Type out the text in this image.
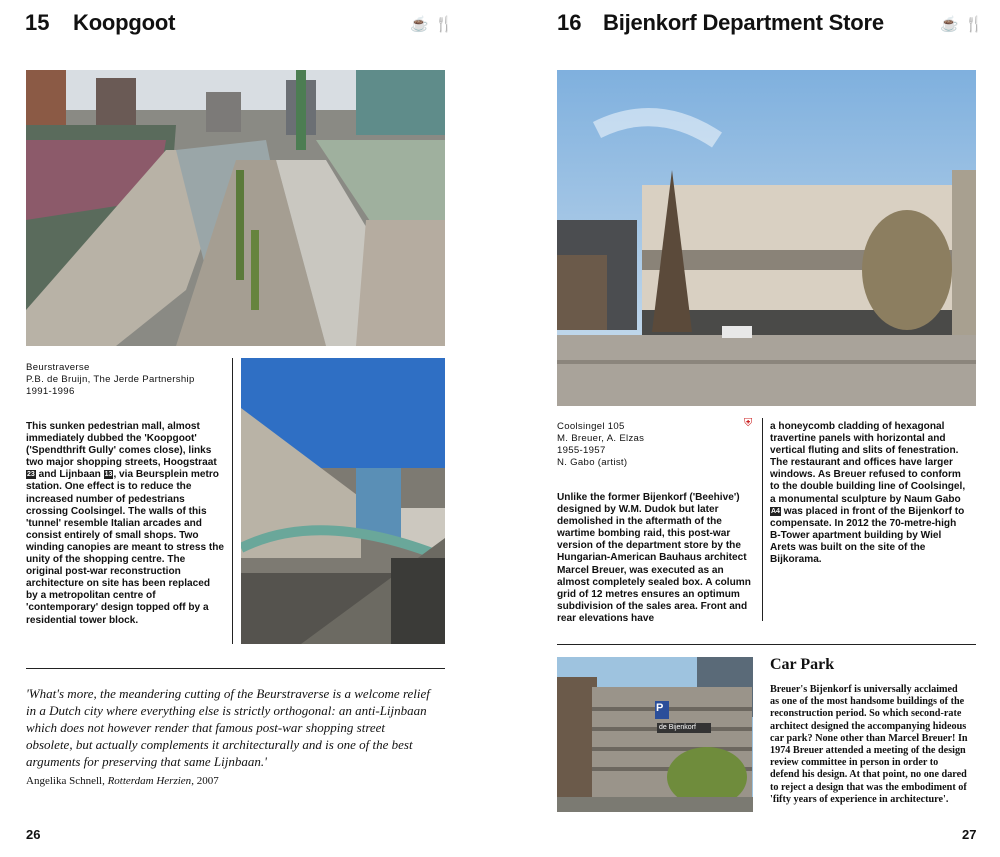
15 Koopgoot	☕ 🍴
Beurstraverse
P.B. de Bruijn, The Jerde Partnership
1991-1996
This sunken pedestrian mall, almost immediately dubbed the 'Koopgoot' ('Spendthrift Gully' comes close), links two major shopping streets, Hoogstraat 23 and Lijnbaan 13, via Beursplein metro station. One effect is to reduce the increased number of pedestrians crossing Coolsingel. The walls of this 'tunnel' resemble Italian arcades and consist entirely of small shops. Two winding canopies are meant to stress the unity of the shopping centre. The original post-war reconstruction architecture on site has been replaced by a metropolitan centre of 'contemporary' design topped off by a residential tower block.
'What's more, the meandering cutting of the Beurstraverse is a welcome relief in a Dutch city where everything else is strictly orthogonal: an anti-Lijnbaan which does not however render that famous post-war shopping street obsolete, but actually complements it architecturally and is one of the best arguments for preserving that same Lijnbaan.'
Angelika Schnell, Rotterdam Herzien, 2007
26
16 Bijenkorf Department Store	☕ 🍴
Coolsingel 105
M. Breuer, A. Elzas
1955-1957
N. Gabo (artist)
⛨
Unlike the former Bijenkorf ('Beehive') designed by W.M. Dudok but later demolished in the aftermath of the wartime bombing raid, this post-war version of the department store by the Hungarian-American Bauhaus architect Marcel Breuer, was executed as an almost completely sealed box. A column grid of 12 metres ensures an optimum subdivision of the sales area. Front and rear elevations have
a honeycomb cladding of hexagonal travertine panels with horizontal and vertical fluting and slits of fenestration. The restaurant and offices have larger windows. As Breuer refused to conform to the double building line of Coolsingel, a monumental sculpture by Naum Gabo A4 was placed in front of the Bijenkorf to compensate. In 2012 the 70-metre-high B-Tower apartment building by Wiel Arets was built on the site of the Bijkorama.
P
de Bijenkorf
Car Park
Breuer's Bijenkorf is universally acclaimed as one of the most handsome buildings of the reconstruction period. So which second-rate architect designed the accompanying hideous car park? None other than Marcel Breuer! In 1974 Breuer attended a meeting of the design review committee in person in order to defend his design. At that point, no one dared to reject a design that was the embodiment of 'fifty years of experience in architecture'.
27
